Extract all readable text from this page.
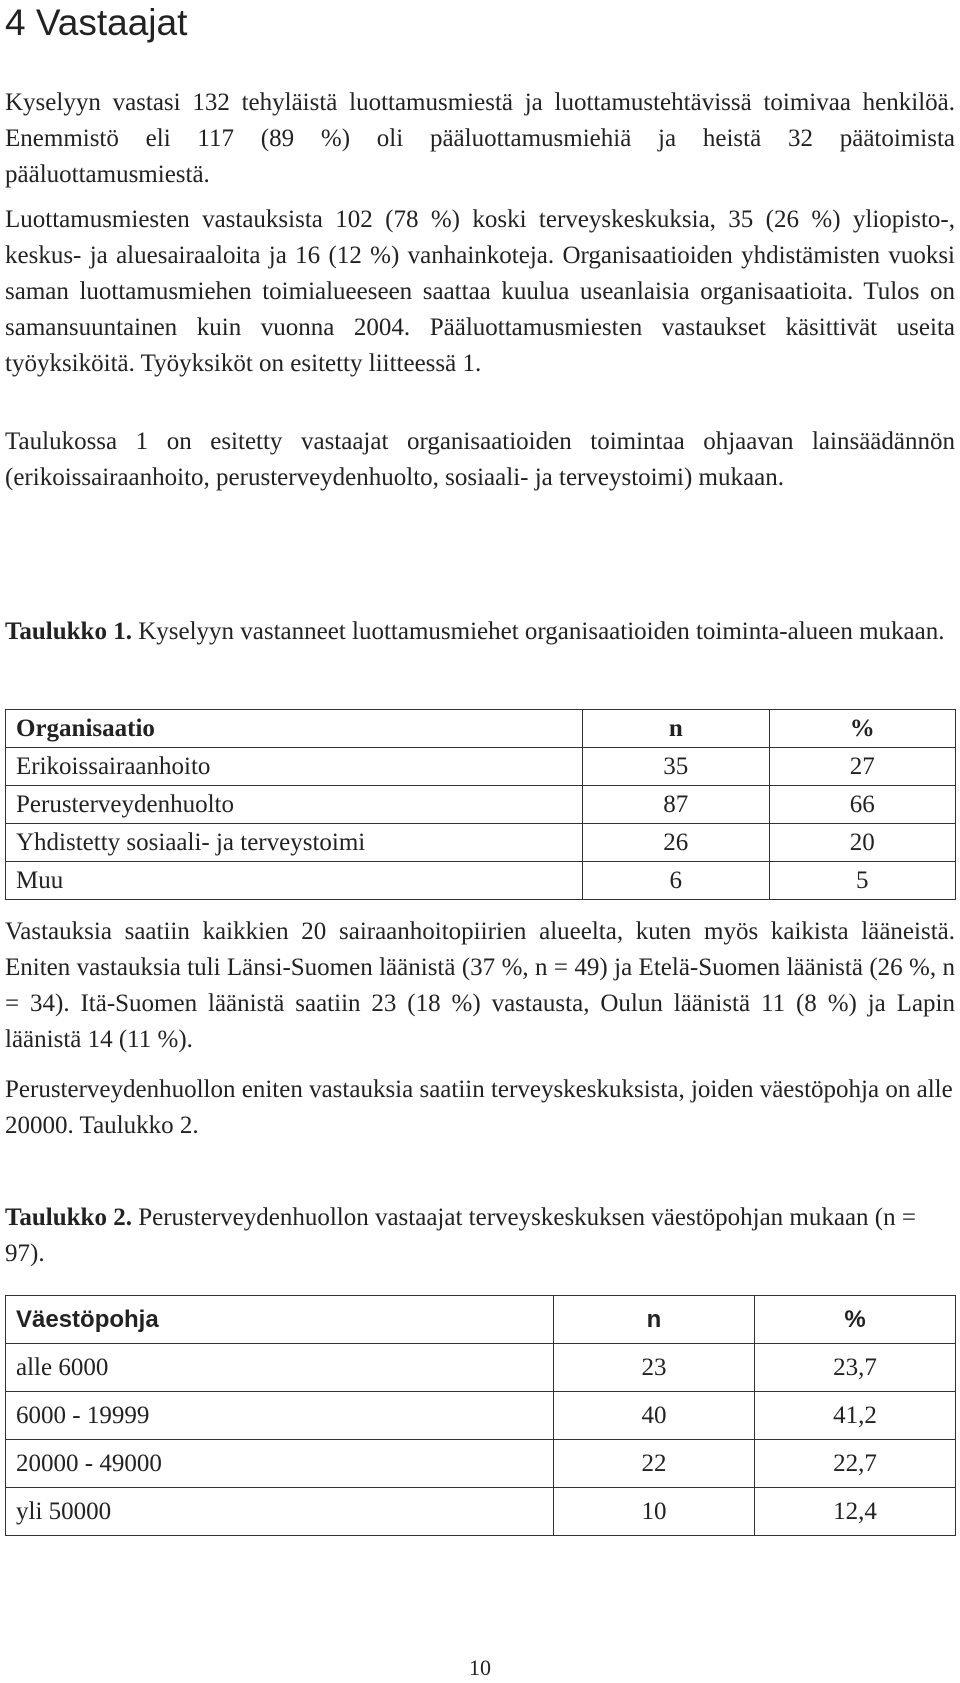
4 Vastaajat

Kyselyyn vastasi 132 tehyläistä luottamusmiestä ja luottamustehtävissä toimivaa henkilöä. Enemmistö eli 117 (89 %) oli pääluottamusmiehiä ja heistä 32 päätoimista pääluottamusmiestä.

Luottamusmiesten vastauksista 102 (78 %) koski terveyskeskuksia, 35 (26 %) yliopisto-, keskus- ja aluesairaaloita ja 16 (12 %) vanhainkoteja. Organisaatioiden yhdistämisten vuoksi saman luottamusmiehen toimialueeseen saattaa kuulua useanlaisia organisaatioita. Tulos on samansuuntainen kuin vuonna 2004. Pääluottamusmiesten vastaukset käsittivät useita työyksiköitä. Työyksiköt on esitetty liitteessä 1.

Taulukossa 1 on esitetty vastaajat organisaatioiden toimintaa ohjaavan lainsäädännön (erikoissairaanhoito, perusterveydenhuolto, sosiaali- ja terveystoimi) mukaan.

Taulukko 1. Kyselyyn vastanneet luottamusmiehet organisaatioiden toiminta-alueen mukaan.

Organisaatio	n	%
Erikoissairaanhoito	35	27
Perusterveydenhuolto	87	66
Yhdistetty sosiaali- ja terveystoimi	26	20
Muu	6	5

Vastauksia saatiin kaikkien 20 sairaanhoitopiirien alueelta, kuten myös kaikista lääneistä. Eniten vastauksia tuli Länsi-Suomen läänistä (37 %, n = 49) ja Etelä-Suomen läänistä (26 %, n = 34). Itä-Suomen läänistä saatiin 23 (18 %) vastausta, Oulun läänistä 11 (8 %) ja Lapin läänistä 14 (11 %).

Perusterveydenhuollon eniten vastauksia saatiin terveyskeskuksista, joiden väestöpohja on alle 20000. Taulukko 2.

Taulukko 2. Perusterveydenhuollon vastaajat terveyskeskuksen väestöpohjan mukaan (n = 97).

Väestöpohja	n	%
alle 6000	23	23,7
6000 - 19999	40	41,2
20000 - 49000	22	22,7
yli 50000	10	12,4
10
